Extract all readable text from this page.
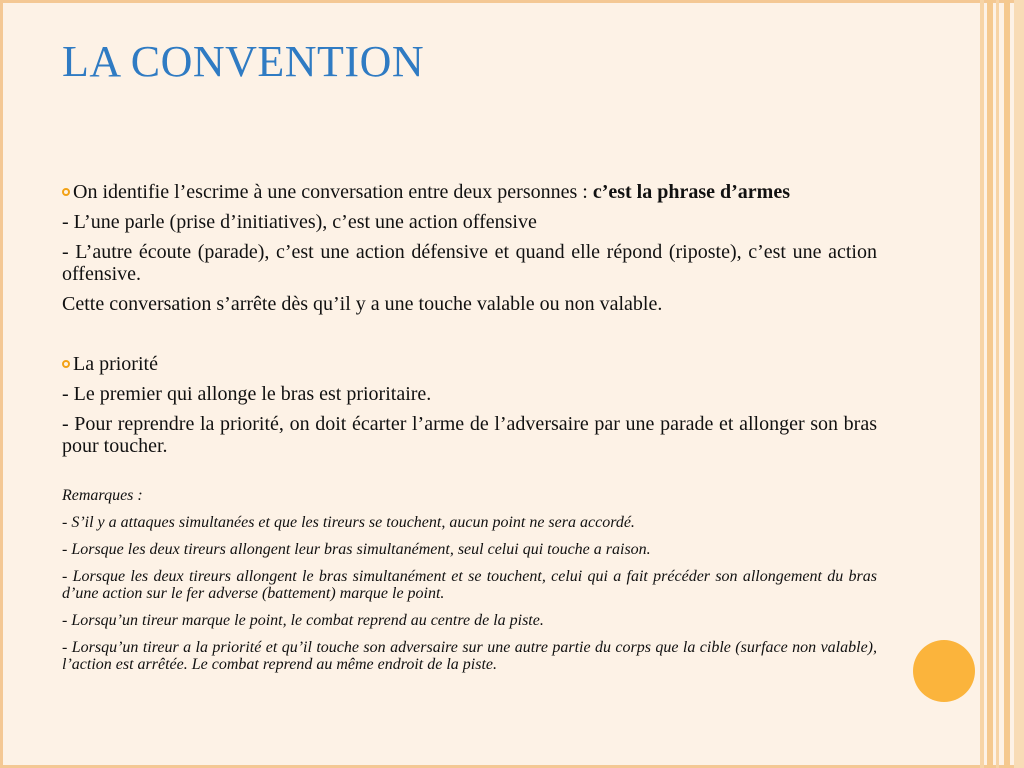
LA CONVENTION

On identifie l’escrime à une conversation entre deux personnes : c’est la phrase d’armes

- L’une parle (prise d’initiatives), c’est une action offensive

- L’autre écoute (parade), c’est une action défensive et quand elle répond (riposte), c’est une action offensive.

Cette conversation s’arrête dès qu’il y a une touche valable ou non valable.

La priorité

- Le premier qui allonge le bras est prioritaire.

- Pour reprendre la priorité, on doit écarter l’arme de l’adversaire par une parade et allonger son bras pour toucher.

Remarques :

- S’il y a attaques simultanées et que les tireurs se touchent, aucun point ne sera accordé.

- Lorsque les deux tireurs allongent leur bras simultanément, seul celui qui touche a raison.

- Lorsque les deux tireurs allongent le bras simultanément et se touchent, celui qui a fait précéder son allongement du bras d’une action sur le fer adverse (battement) marque le point.

- Lorsqu’un tireur marque le point, le combat reprend au centre de la piste.

- Lorsqu’un tireur a la priorité et qu’il touche son adversaire sur une autre partie du corps que la cible (surface non valable), l’action est arrêtée. Le combat reprend au même endroit de la piste.
